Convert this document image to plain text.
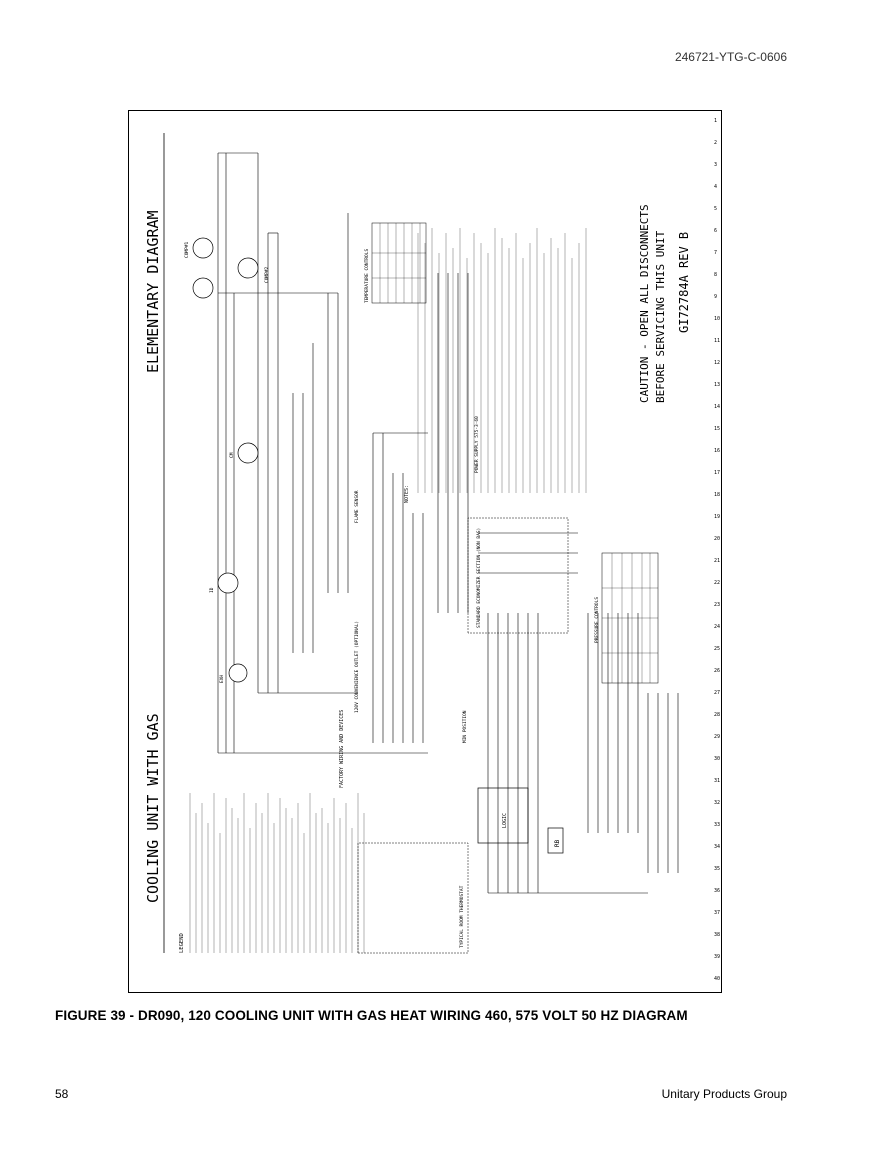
246721-YTG-C-0606
1
2
3
4
5
6
7
8
9
10
11
12
13
14
15
16
17
18
19
20
21
22
23
24
25
26
27
28
29
30
31
32
33
34
35
36
37
38
39
40
COOLING UNIT WITH GAS
ELEMENTARY DIAGRAM
LEGEND
FACTORY WIRING AND DEVICES
COMP#1
COMP#2
CM
ID
EXH
FLAME SENSOR
MIN POSITION
LOGIC
RB
TYPICAL ROOM THERMOSTAT
STANDARD ECONOMIZER SECTION (NON BAS)
POWER SUPPLY 575-3-60
120V CONVENIENCE OUTLET (OPTIONAL)
TEMPERATURE CONTROLS
PRESSURE CONTROLS
NOTES:
CAUTION - OPEN ALL DISCONNECTS BEFORE SERVICING THIS UNIT GI72784A REV B
FIGURE 39 - DR090, 120 COOLING UNIT WITH GAS HEAT WIRING 460, 575 VOLT 50 HZ DIAGRAM
58	Unitary Products Group
